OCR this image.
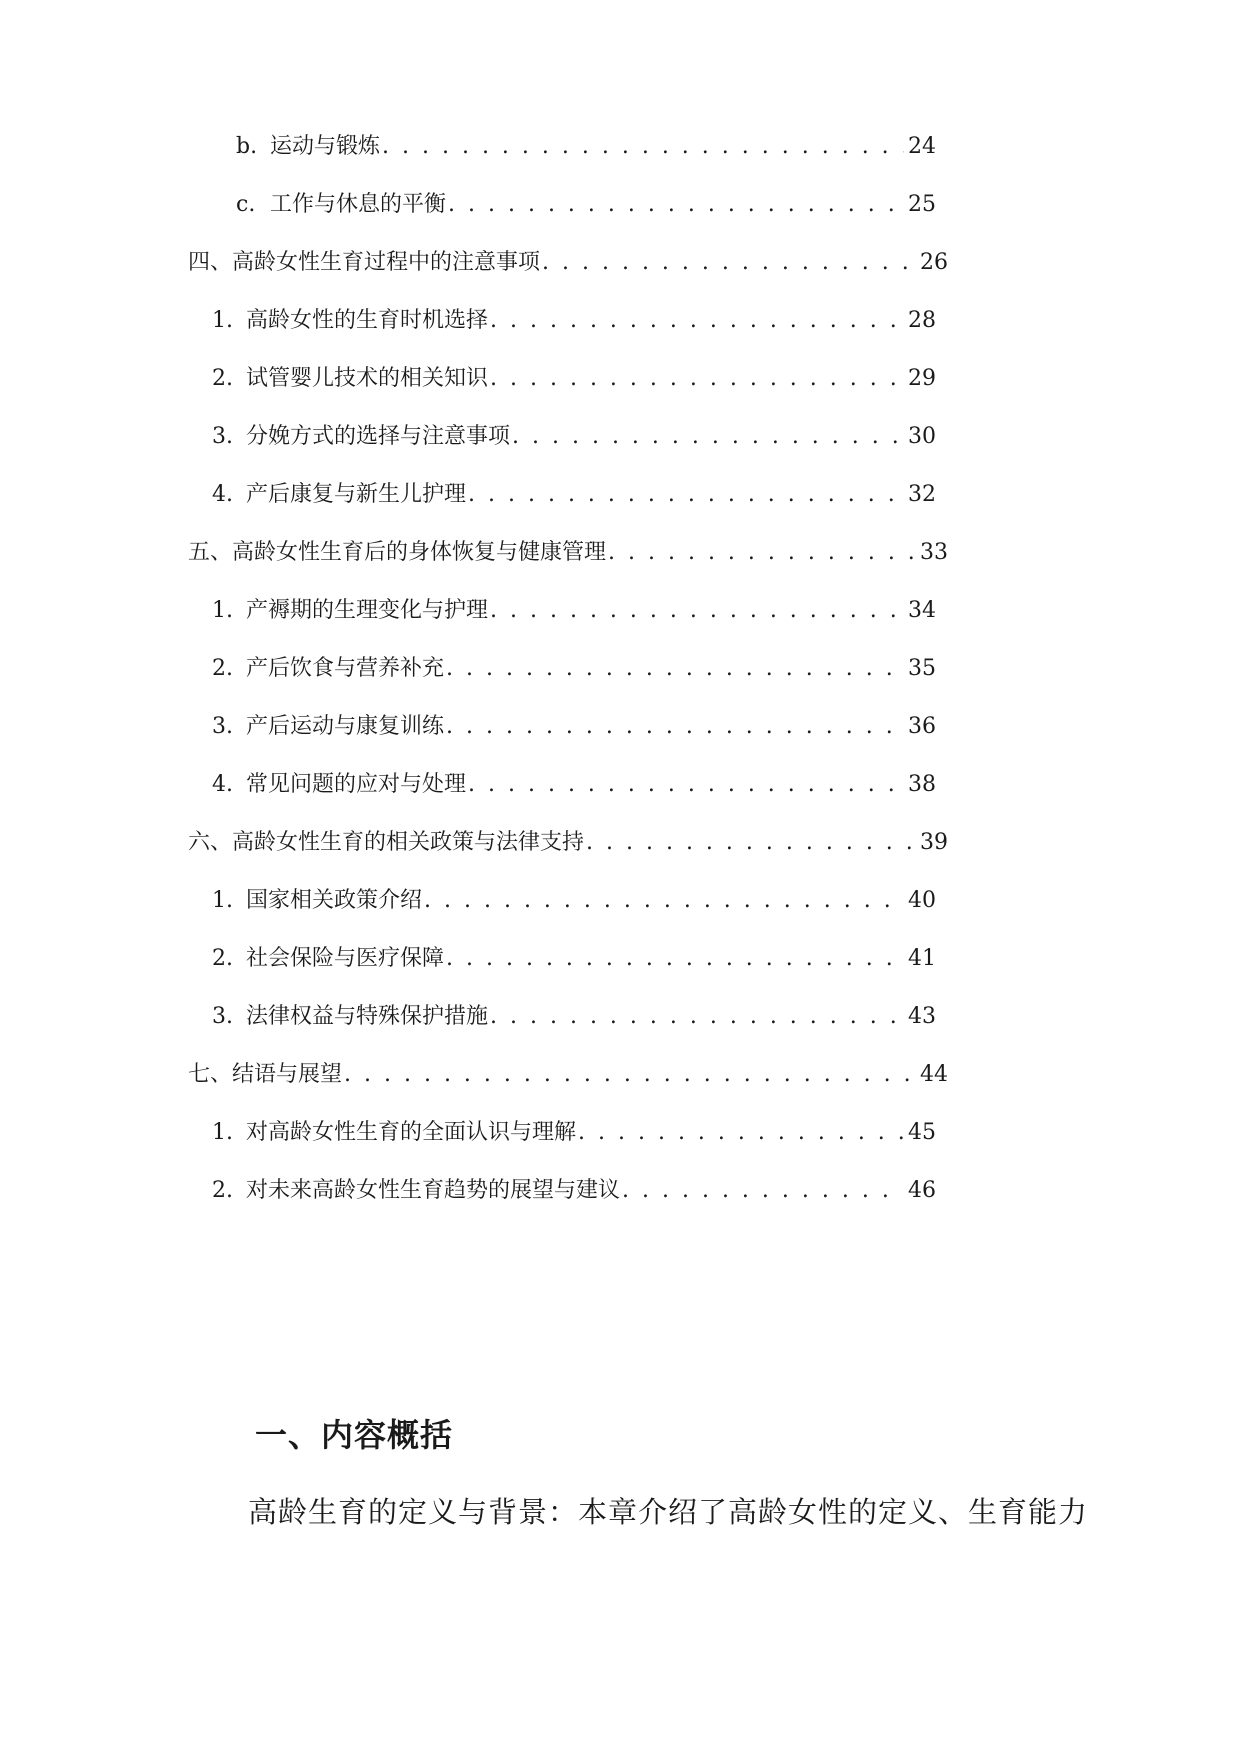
b. 运动与锻炼 . . .	24
c. 工作与休息的平衡 . . .	25
四、高龄女性生育过程中的注意事项 . . .	26
1. 高龄女性的生育时机选择 . . .	28
2. 试管婴儿技术的相关知识 . . .	29
3. 分娩方式的选择与注意事项 . . .	30
4. 产后康复与新生儿护理 . . .	32
五、高龄女性生育后的身体恢复与健康管理 . . .	33
1. 产褥期的生理变化与护理 . . .	34
2. 产后饮食与营养补充 . . .	35
3. 产后运动与康复训练 . . .	36
4. 常见问题的应对与处理 . . .	38
六、高龄女性生育的相关政策与法律支持 . . .	39
1. 国家相关政策介绍 . . .	40
2. 社会保险与医疗保障 . . .	41
3. 法律权益与特殊保护措施 . . .	43
七、结语与展望 . . .	44
1. 对高龄女性生育的全面认识与理解 . . .	45
2. 对未来高龄女性生育趋势的展望与建议 . . .	46
一、内容概括
高龄生育的定义与背景：本章介绍了高龄女性的定义、生育能力
